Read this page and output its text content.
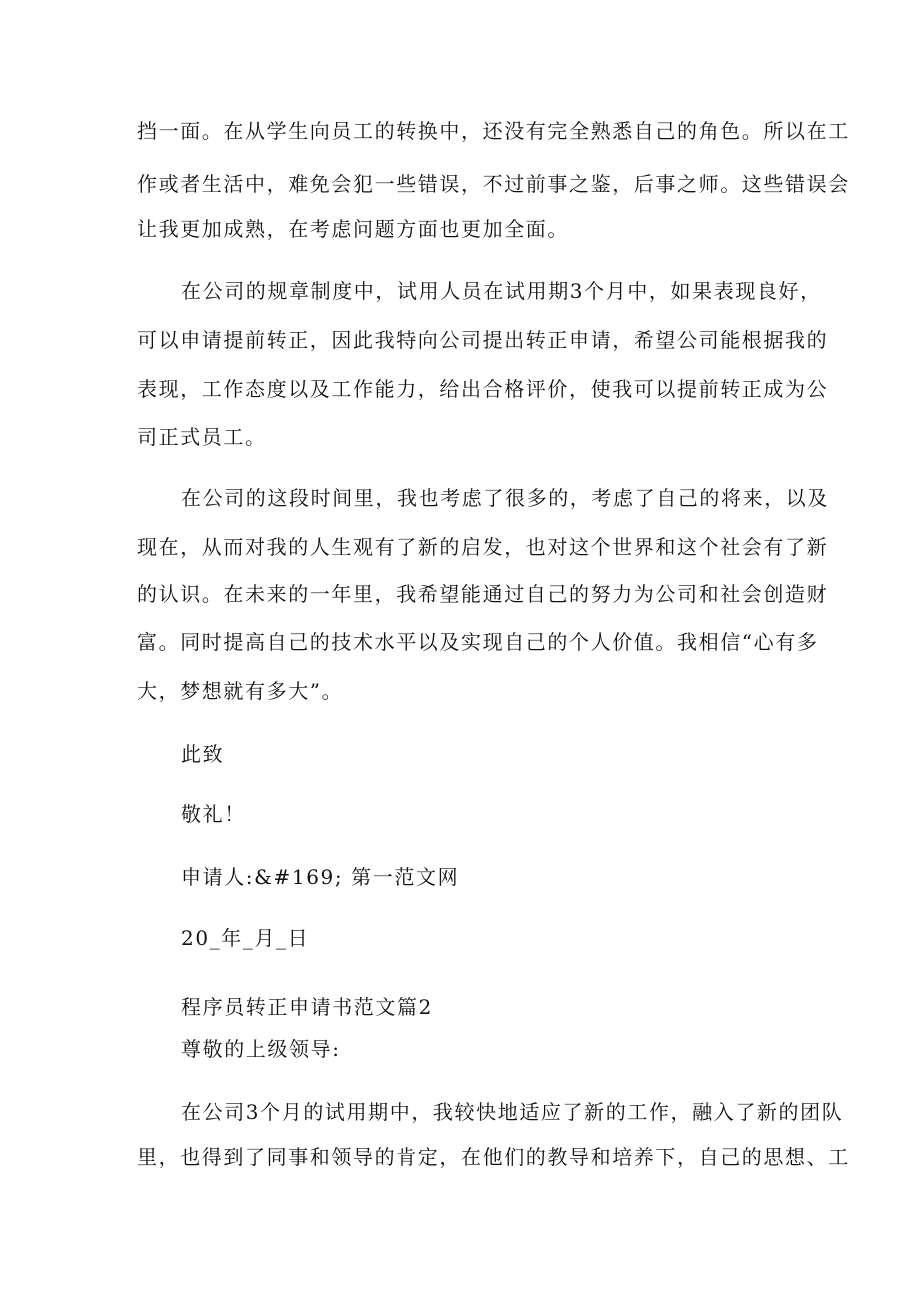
挡一面。在从学生向员工的转换中，还没有完全熟悉自己的角色。所以在工
作或者生活中，难免会犯一些错误，不过前事之鉴，后事之师。这些错误会
让我更加成熟，在考虑问题方面也更加全面。
在公司的规章制度中，试用人员在试用期3个月中，如果表现良好，
可以申请提前转正，因此我特向公司提出转正申请，希望公司能根据我的
表现，工作态度以及工作能力，给出合格评价，使我可以提前转正成为公
司正式员工。
在公司的这段时间里，我也考虑了很多的，考虑了自己的将来，以及
现在，从而对我的人生观有了新的启发，也对这个世界和这个社会有了新
的认识。在未来的一年里，我希望能通过自己的努力为公司和社会创造财
富。同时提高自己的技术水平以及实现自己的个人价值。我相信“心有多
大，梦想就有多大”。
此致
敬礼！
申请人:&#169; 第一范文网
20_年_月_日
程序员转正申请书范文篇2
尊敬的上级领导:
在公司3个月的试用期中，我较快地适应了新的工作，融入了新的团队
里，也得到了同事和领导的肯定，在他们的教导和培养下，自己的思想、工
